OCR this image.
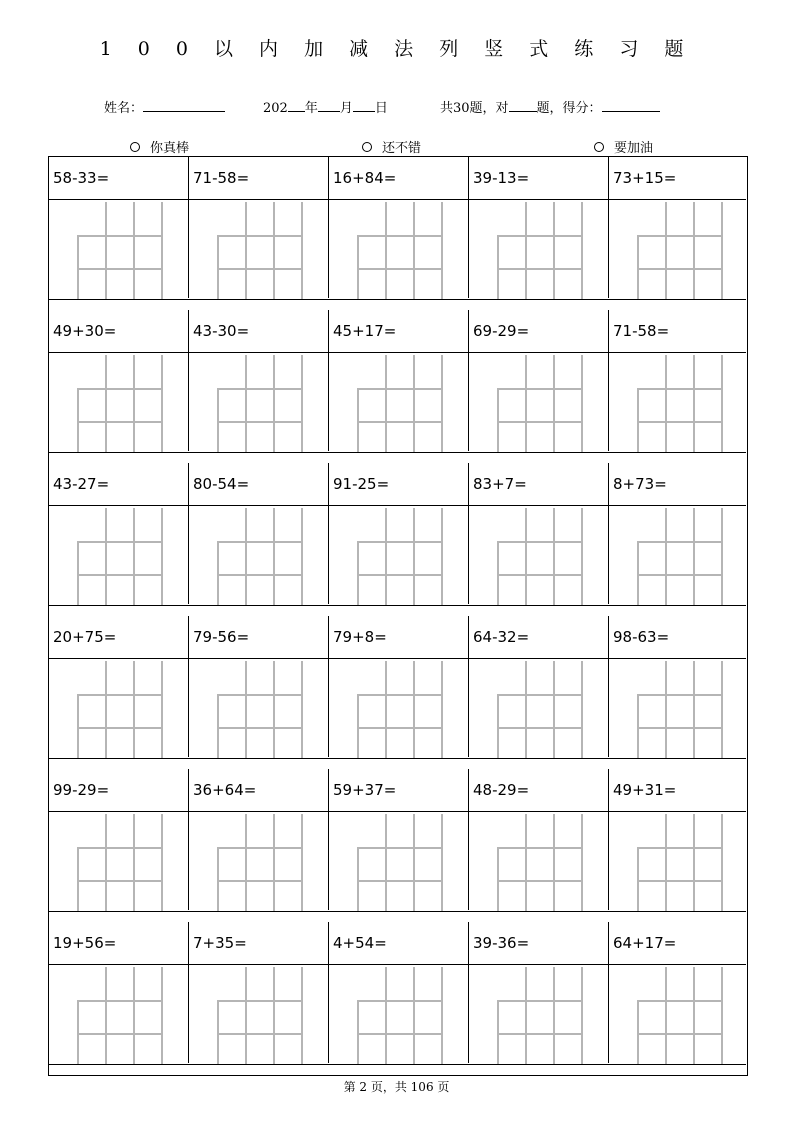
1 0 0 以 内 加 减 法 列 竖 式 练 习 题
姓名：	202 年 月 日	共30题，对 题，得分：
你真棒	还不错	要加油
58-33=	71-58=	16+84=	39-13=	73+15=
49+30=	43-30=	45+17=	69-29=	71-58=
43-27=	80-54=	91-25=	83+7=	8+73=
20+75=	79-56=	79+8=	64-32=	98-63=
99-29=	36+64=	59+37=	48-29=	49+31=
19+56=	7+35=	4+54=	39-36=	64+17=
第 2 页，共 106 页
